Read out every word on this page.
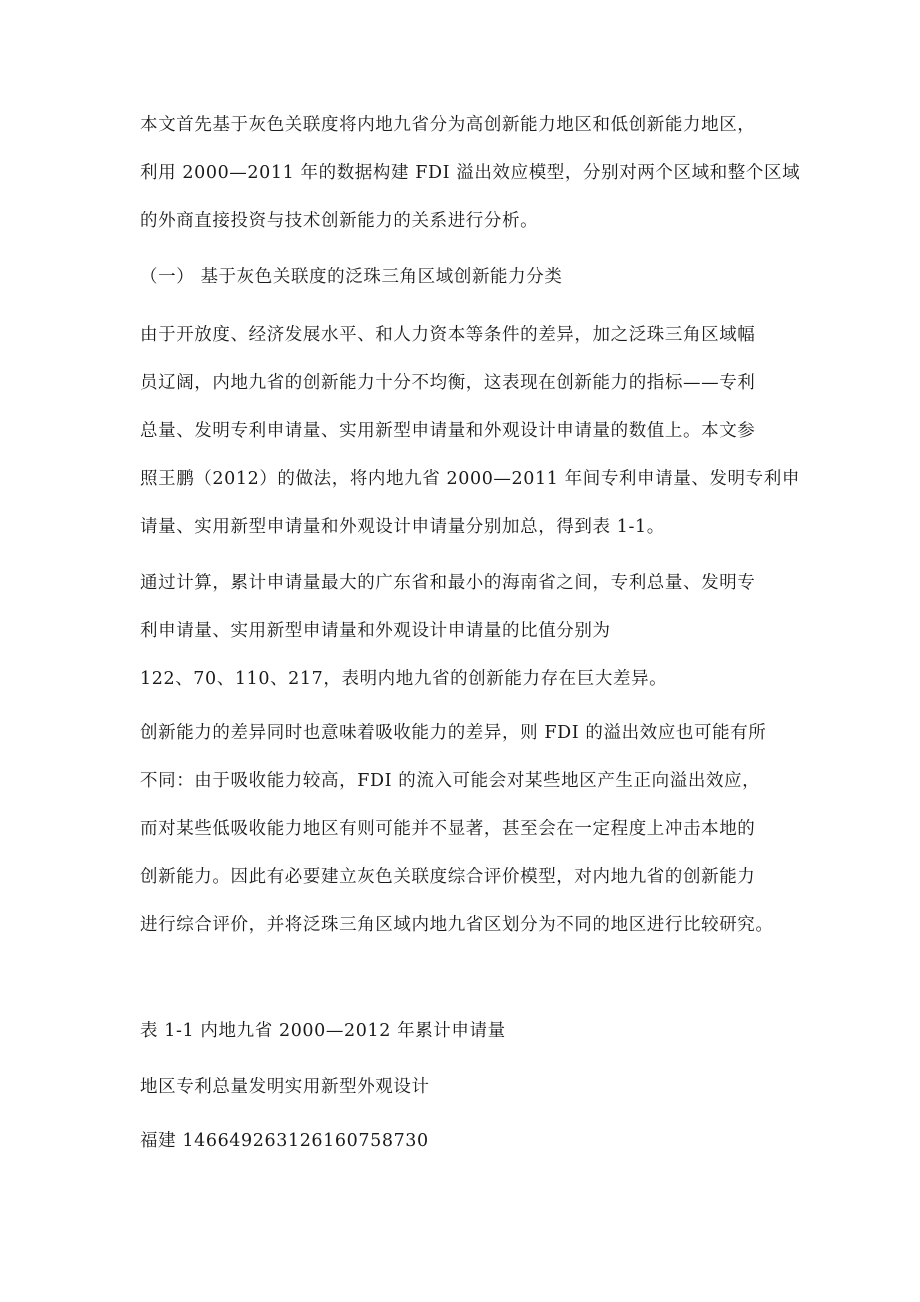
本文首先基于灰色关联度将内地九省分为高创新能力地区和低创新能力地区，
利用 2000—2011 年的数据构建 FDI 溢出效应模型，分别对两个区域和整个区域
的外商直接投资与技术创新能力的关系进行分析。
（一） 基于灰色关联度的泛珠三角区域创新能力分类
由于开放度、经济发展水平、和人力资本等条件的差异，加之泛珠三角区域幅
员辽阔，内地九省的创新能力十分不均衡，这表现在创新能力的指标——专利
总量、发明专利申请量、实用新型申请量和外观设计申请量的数值上。本文参
照王鹏（2012）的做法，将内地九省 2000—2011 年间专利申请量、发明专利申
请量、实用新型申请量和外观设计申请量分别加总，得到表 1-1。
通过计算，累计申请量最大的广东省和最小的海南省之间，专利总量、发明专
利申请量、实用新型申请量和外观设计申请量的比值分别为
122、70、110、217，表明内地九省的创新能力存在巨大差异。
创新能力的差异同时也意味着吸收能力的差异，则 FDI 的溢出效应也可能有所
不同：由于吸收能力较高，FDI 的流入可能会对某些地区产生正向溢出效应，
而对某些低吸收能力地区有则可能并不显著，甚至会在一定程度上冲击本地的
创新能力。因此有必要建立灰色关联度综合评价模型，对内地九省的创新能力
进行综合评价，并将泛珠三角区域内地九省区划分为不同的地区进行比较研究。
表 1-1 内地九省 2000—2012 年累计申请量
地区专利总量发明实用新型外观设计
福建 146649263126160758730
